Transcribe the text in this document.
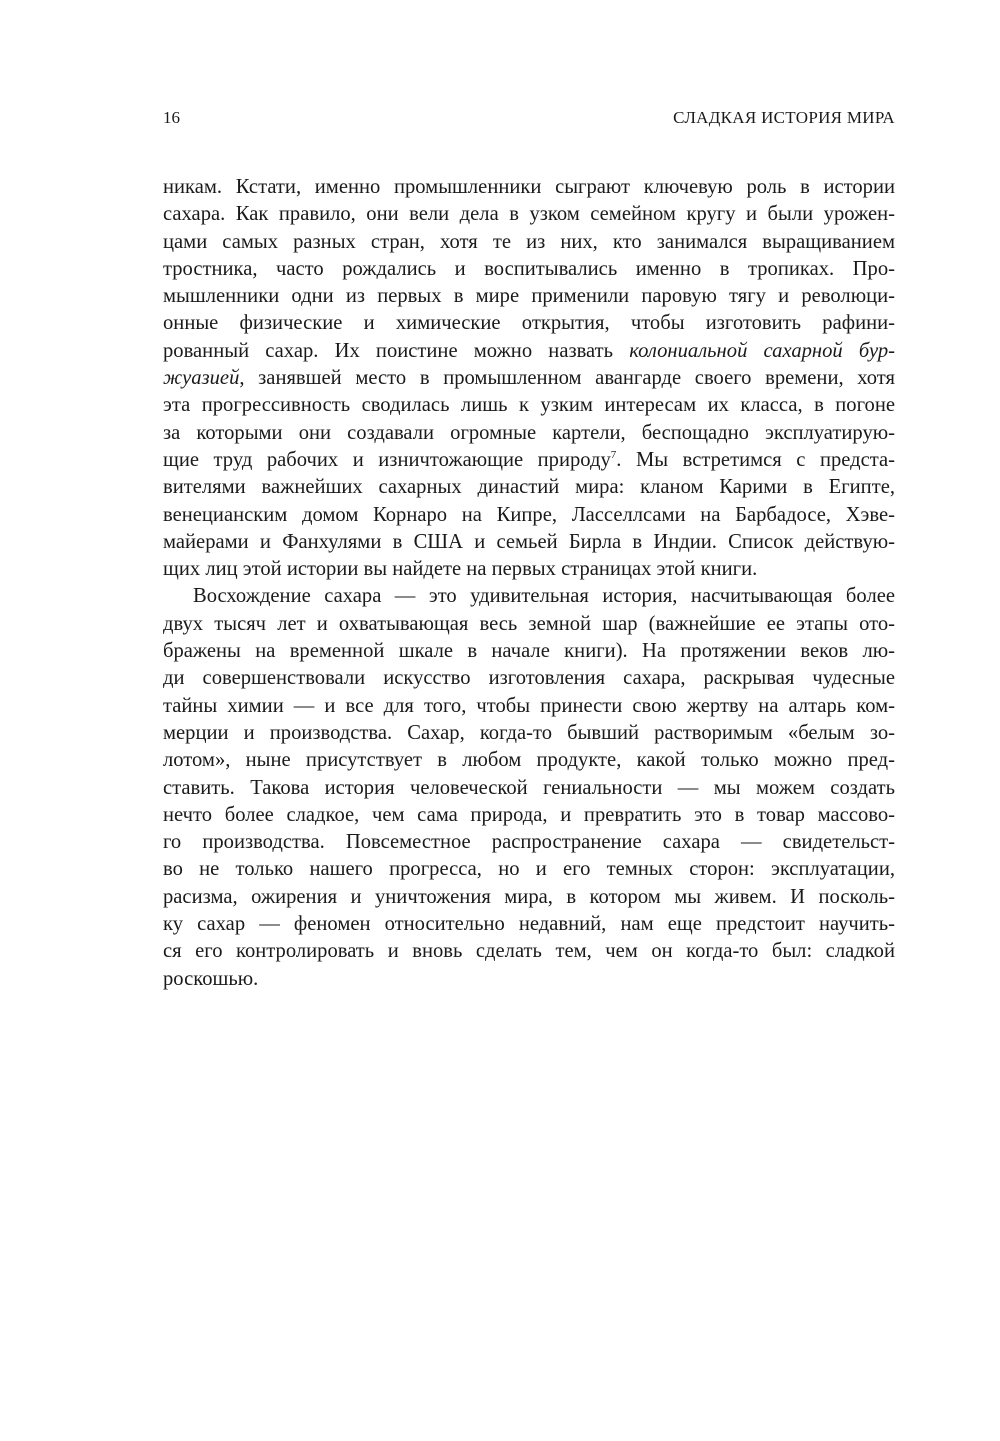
16	СЛАДКАЯ ИСТОРИЯ МИРА
никам. Кстати, именно промышленники сыграют ключевую роль в истории
сахара. Как правило, они вели дела в узком семейном кругу и были урожен-
цами самых разных стран, хотя те из них, кто занимался выращиванием
тростника, часто рождались и воспитывались именно в тропиках. Про-
мышленники одни из первых в мире применили паровую тягу и революци-
онные физические и химические открытия, чтобы изготовить рафини-
рованный сахар. Их поистине можно назвать колониальной сахарной бур-
жуазией, занявшей место в промышленном авангарде своего времени, хотя
эта прогрессивность сводилась лишь к узким интересам их класса, в погоне
за которыми они создавали огромные картели, беспощадно эксплуатирую-
щие труд рабочих и изничтожающие природу$^7$. Мы встретимся с предста-
вителями важнейших сахарных династий мира: кланом Карими в Египте,
венецианским домом Корнаро на Кипре, Ласселлсами на Барбадосе, Хэве-
майерами и Фанхулями в США и семьей Бирла в Индии. Список действую-
щих лиц этой истории вы найдете на первых страницах этой книги.
Восхождение сахара — это удивительная история, насчитывающая более
двух тысяч лет и охватывающая весь земной шар (важнейшие ее этапы ото-
бражены на временной шкале в начале книги). На протяжении веков лю-
ди совершенствовали искусство изготовления сахара, раскрывая чудесные
тайны химии — и все для того, чтобы принести свою жертву на алтарь ком-
мерции и производства. Сахар, когда-то бывший растворимым «белым зо-
лотом», ныне присутствует в любом продукте, какой только можно пред-
ставить. Такова история человеческой гениальности — мы можем создать
нечто более сладкое, чем сама природа, и превратить это в товар массово-
го производства. Повсеместное распространение сахара — свидетельст-
во не только нашего прогресса, но и его темных сторон: эксплуатации,
расизма, ожирения и уничтожения мира, в котором мы живем. И посколь-
ку сахар — феномен относительно недавний, нам еще предстоит научить-
ся его контролировать и вновь сделать тем, чем он когда-то был: сладкой
роскошью.
